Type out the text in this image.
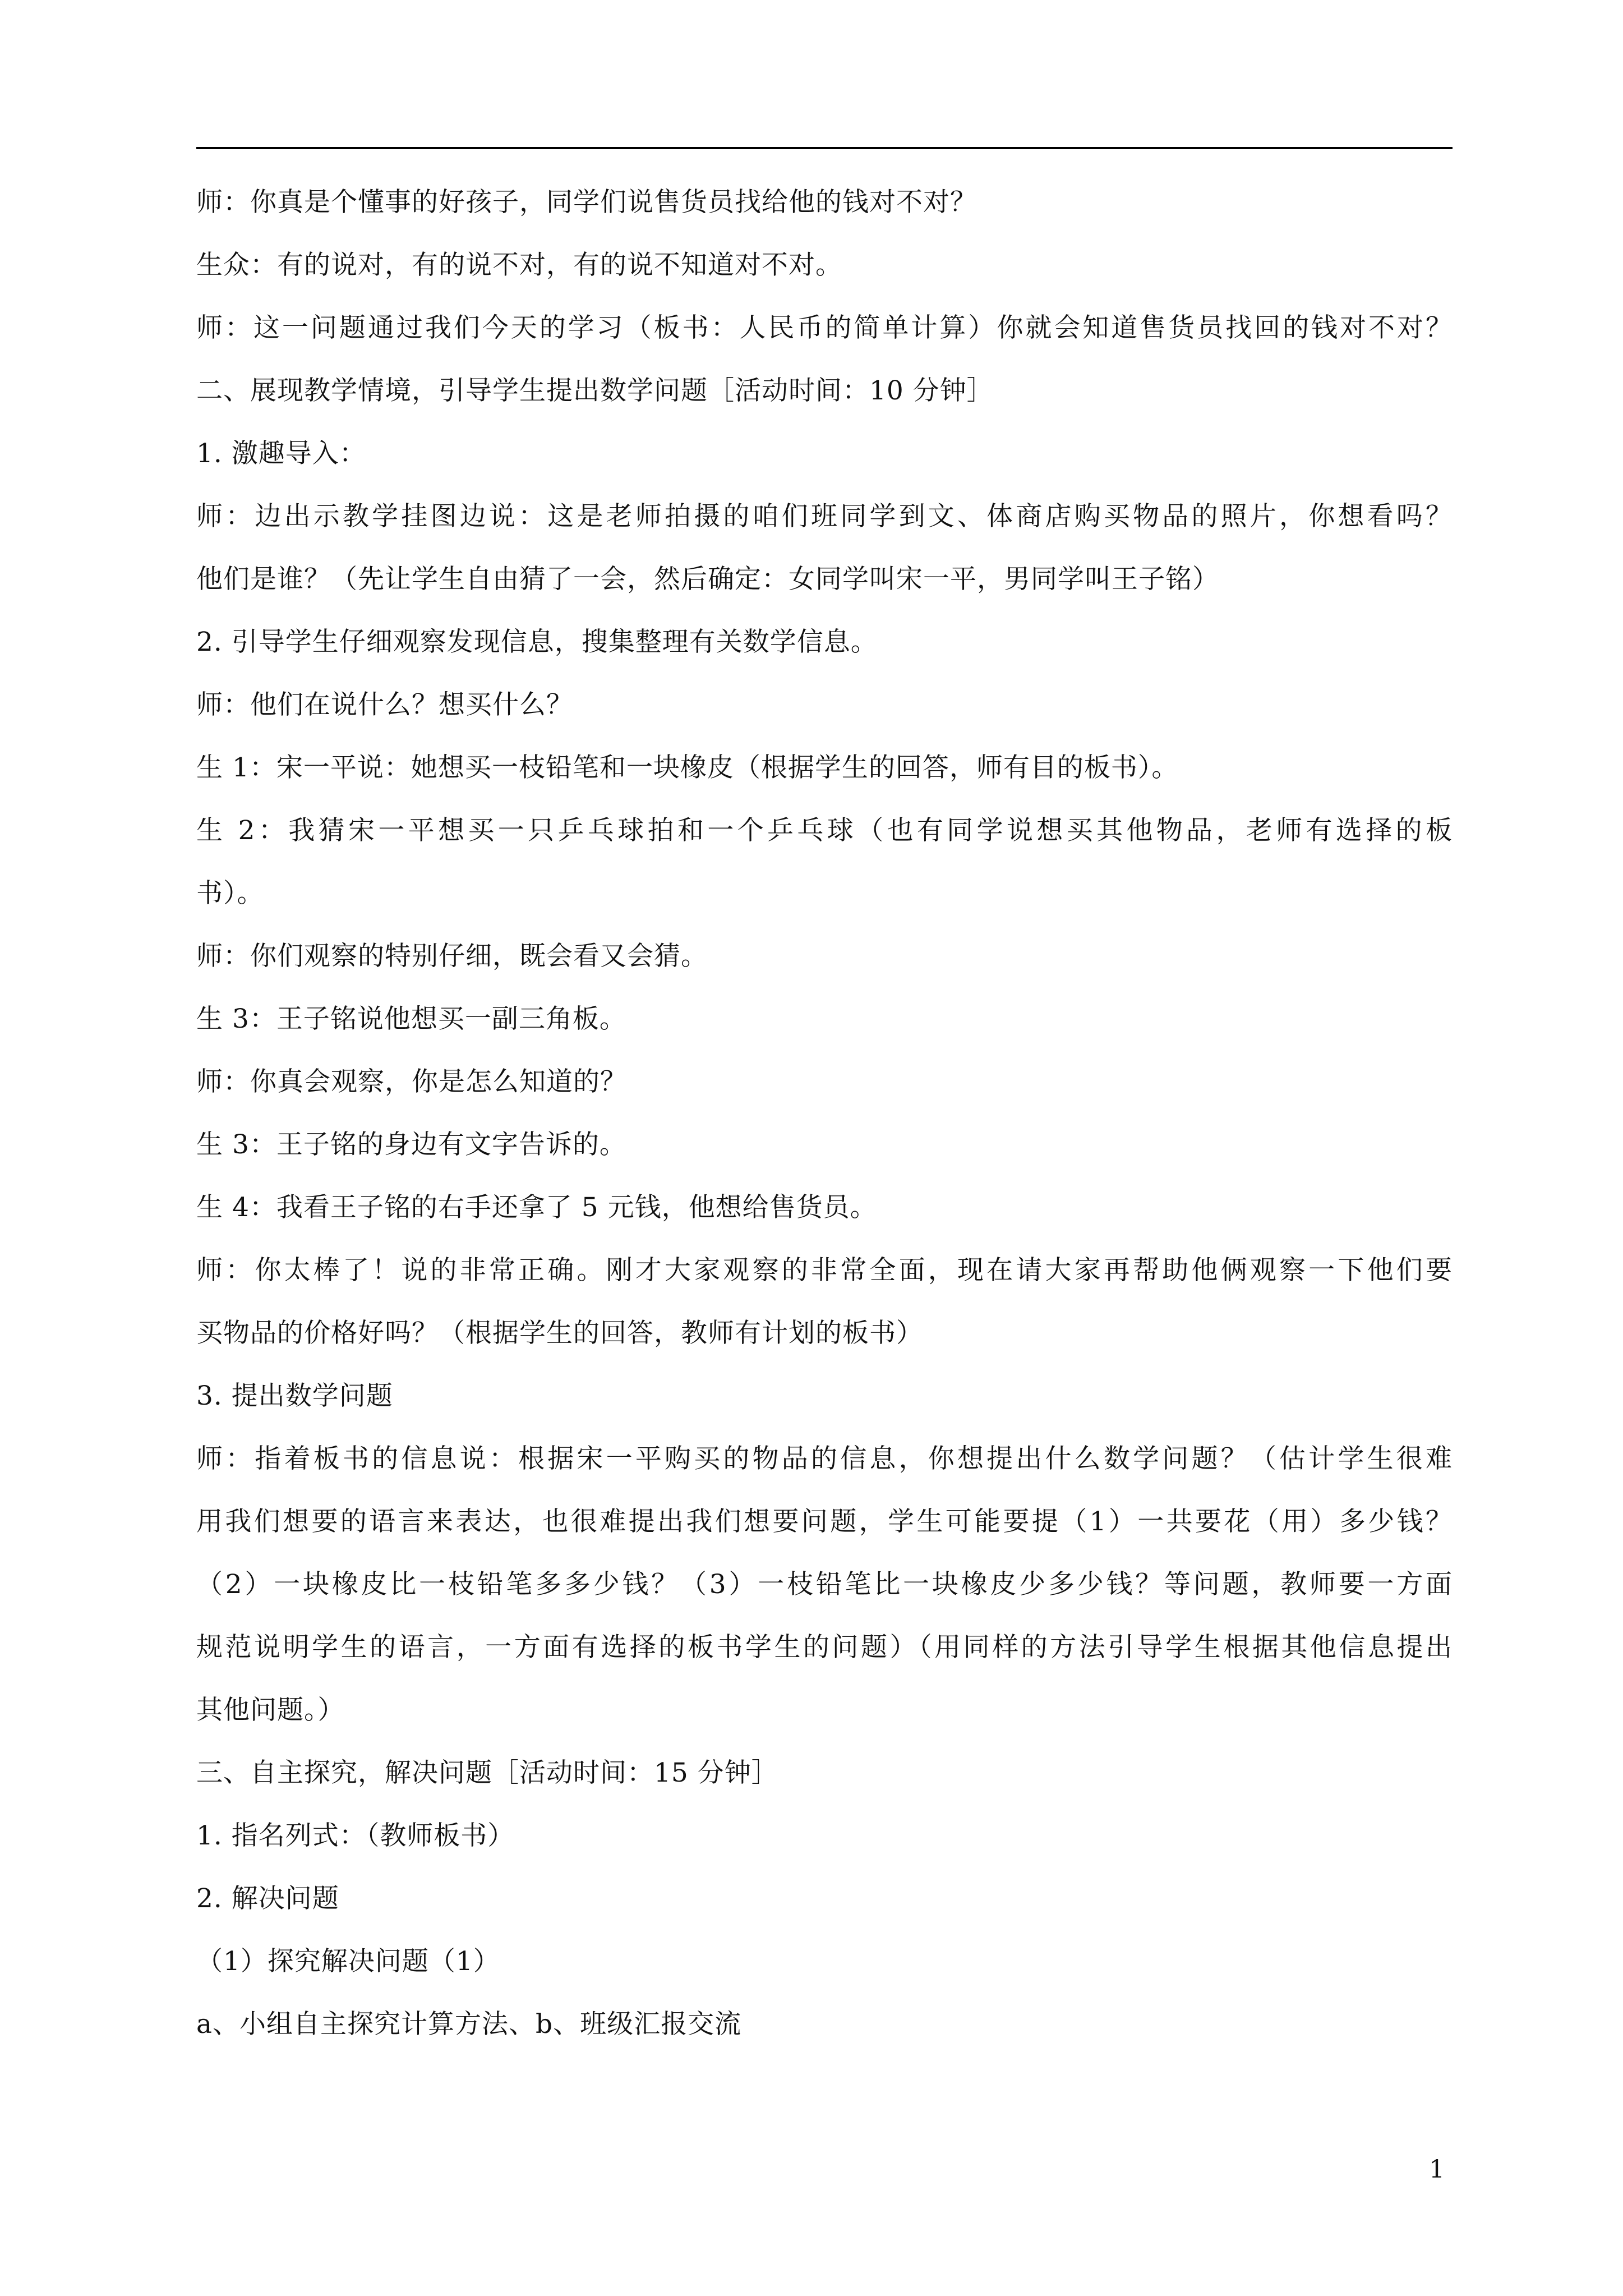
师：你真是个懂事的好孩子，同学们说售货员找给他的钱对不对？
生众：有的说对，有的说不对，有的说不知道对不对。
师：这一问题通过我们今天的学习（板书：人民币的简单计算）你就会知道售货员找回的钱对不对？
二、展现教学情境，引导学生提出数学问题［活动时间：10 分钟］
1. 激趣导入：
师：边出示教学挂图边说：这是老师拍摄的咱们班同学到文、体商店购买物品的照片，你想看吗？
他们是谁？（先让学生自由猜了一会，然后确定：女同学叫宋一平，男同学叫王子铭）
2. 引导学生仔细观察发现信息，搜集整理有关数学信息。
师：他们在说什么？想买什么？
生 1：宋一平说：她想买一枝铅笔和一块橡皮（根据学生的回答，师有目的板书）。
生 2：我猜宋一平想买一只乒乓球拍和一个乒乓球（也有同学说想买其他物品，老师有选择的板
书）。
师：你们观察的特别仔细，既会看又会猜。
生 3：王子铭说他想买一副三角板。
师：你真会观察，你是怎么知道的？
生 3：王子铭的身边有文字告诉的。
生 4：我看王子铭的右手还拿了 5 元钱，他想给售货员。
师：你太棒了！说的非常正确。刚才大家观察的非常全面，现在请大家再帮助他俩观察一下他们要
买物品的价格好吗？（根据学生的回答，教师有计划的板书）
3. 提出数学问题
师：指着板书的信息说：根据宋一平购买的物品的信息，你想提出什么数学问题？（估计学生很难
用我们想要的语言来表达，也很难提出我们想要问题，学生可能要提（1）一共要花（用）多少钱？
（2）一块橡皮比一枝铅笔多多少钱？（3）一枝铅笔比一块橡皮少多少钱？等问题，教师要一方面
规范说明学生的语言，一方面有选择的板书学生的问题）（用同样的方法引导学生根据其他信息提出
其他问题。）
三、自主探究，解决问题［活动时间：15 分钟］
1. 指名列式：（教师板书）
2. 解决问题
（1）探究解决问题（1）
a、小组自主探究计算方法、b、班级汇报交流
1
